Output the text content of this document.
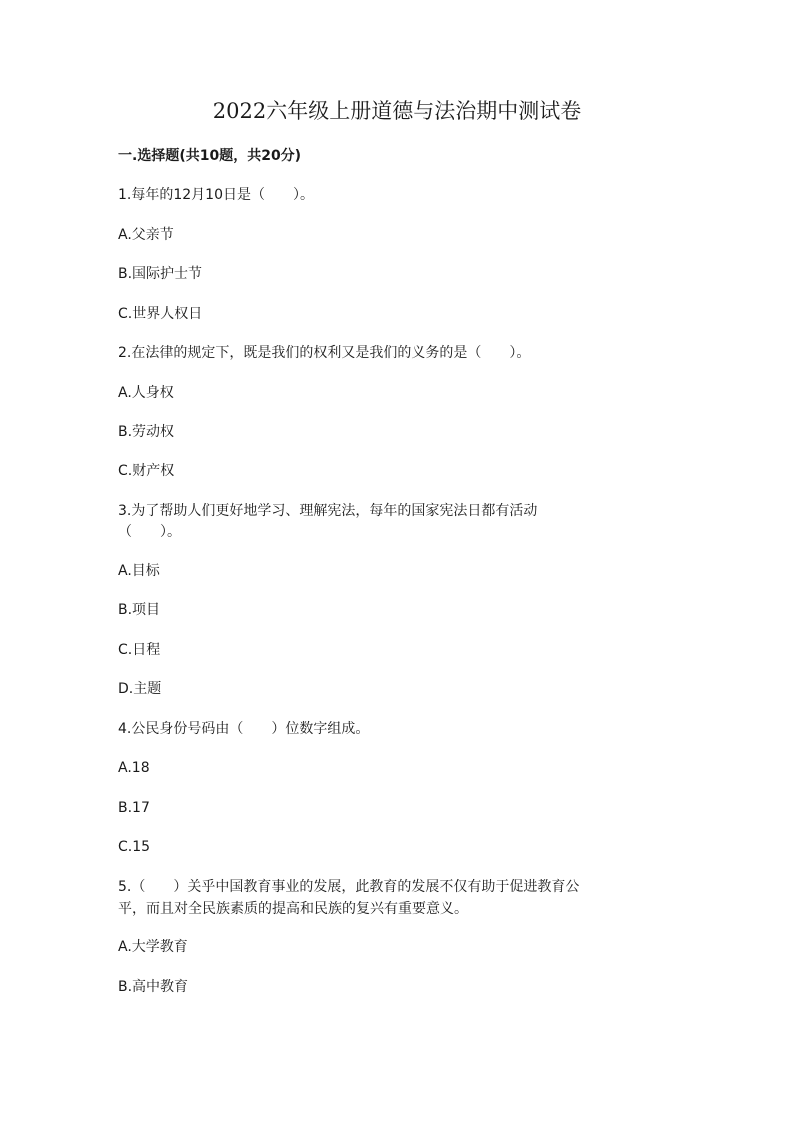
2022六年级上册道德与法治期中测试卷

一.选择题(共10题，共20分)

1.每年的12月10日是（　　）。

A.父亲节

B.国际护士节

C.世界人权日

2.在法律的规定下，既是我们的权利又是我们的义务的是（　　）。

A.人身权

B.劳动权

C.财产权

3.为了帮助人们更好地学习、理解宪法，每年的国家宪法日都有活动

（　　）。

A.目标

B.项目

C.日程

D.主题

4.公民身份号码由（　　）位数字组成。

A.18

B.17

C.15

5.（　　）关乎中国教育事业的发展，此教育的发展不仅有助于促进教育公

平，而且对全民族素质的提高和民族的复兴有重要意义。

A.大学教育

B.高中教育
